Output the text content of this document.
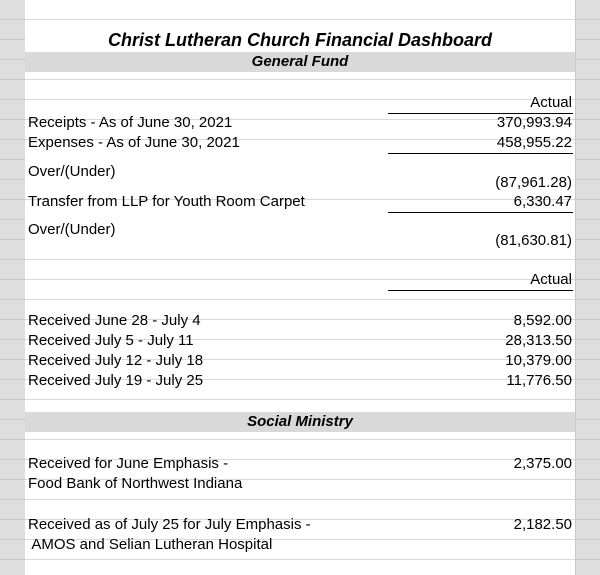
Christ Lutheran Church Financial Dashboard
General Fund
Actual
Receipts - As of June 30, 2021	370,993.94
Expenses - As of June 30, 2021	458,955.22
Over/(Under)
(87,961.28)
Transfer from LLP for Youth Room Carpet	6,330.47
Over/(Under)
(81,630.81)
Actual
Received June 28 - July 4	8,592.00
Received July 5 - July 11	28,313.50
Received July 12 - July 18	10,379.00
Received July 19 - July 25	11,776.50
Social Ministry
Received for June Emphasis -
Food Bank of Northwest Indiana
2,375.00
Received as of July 25 for July Emphasis -
AMOS and Selian Lutheran Hospital
2,182.50
